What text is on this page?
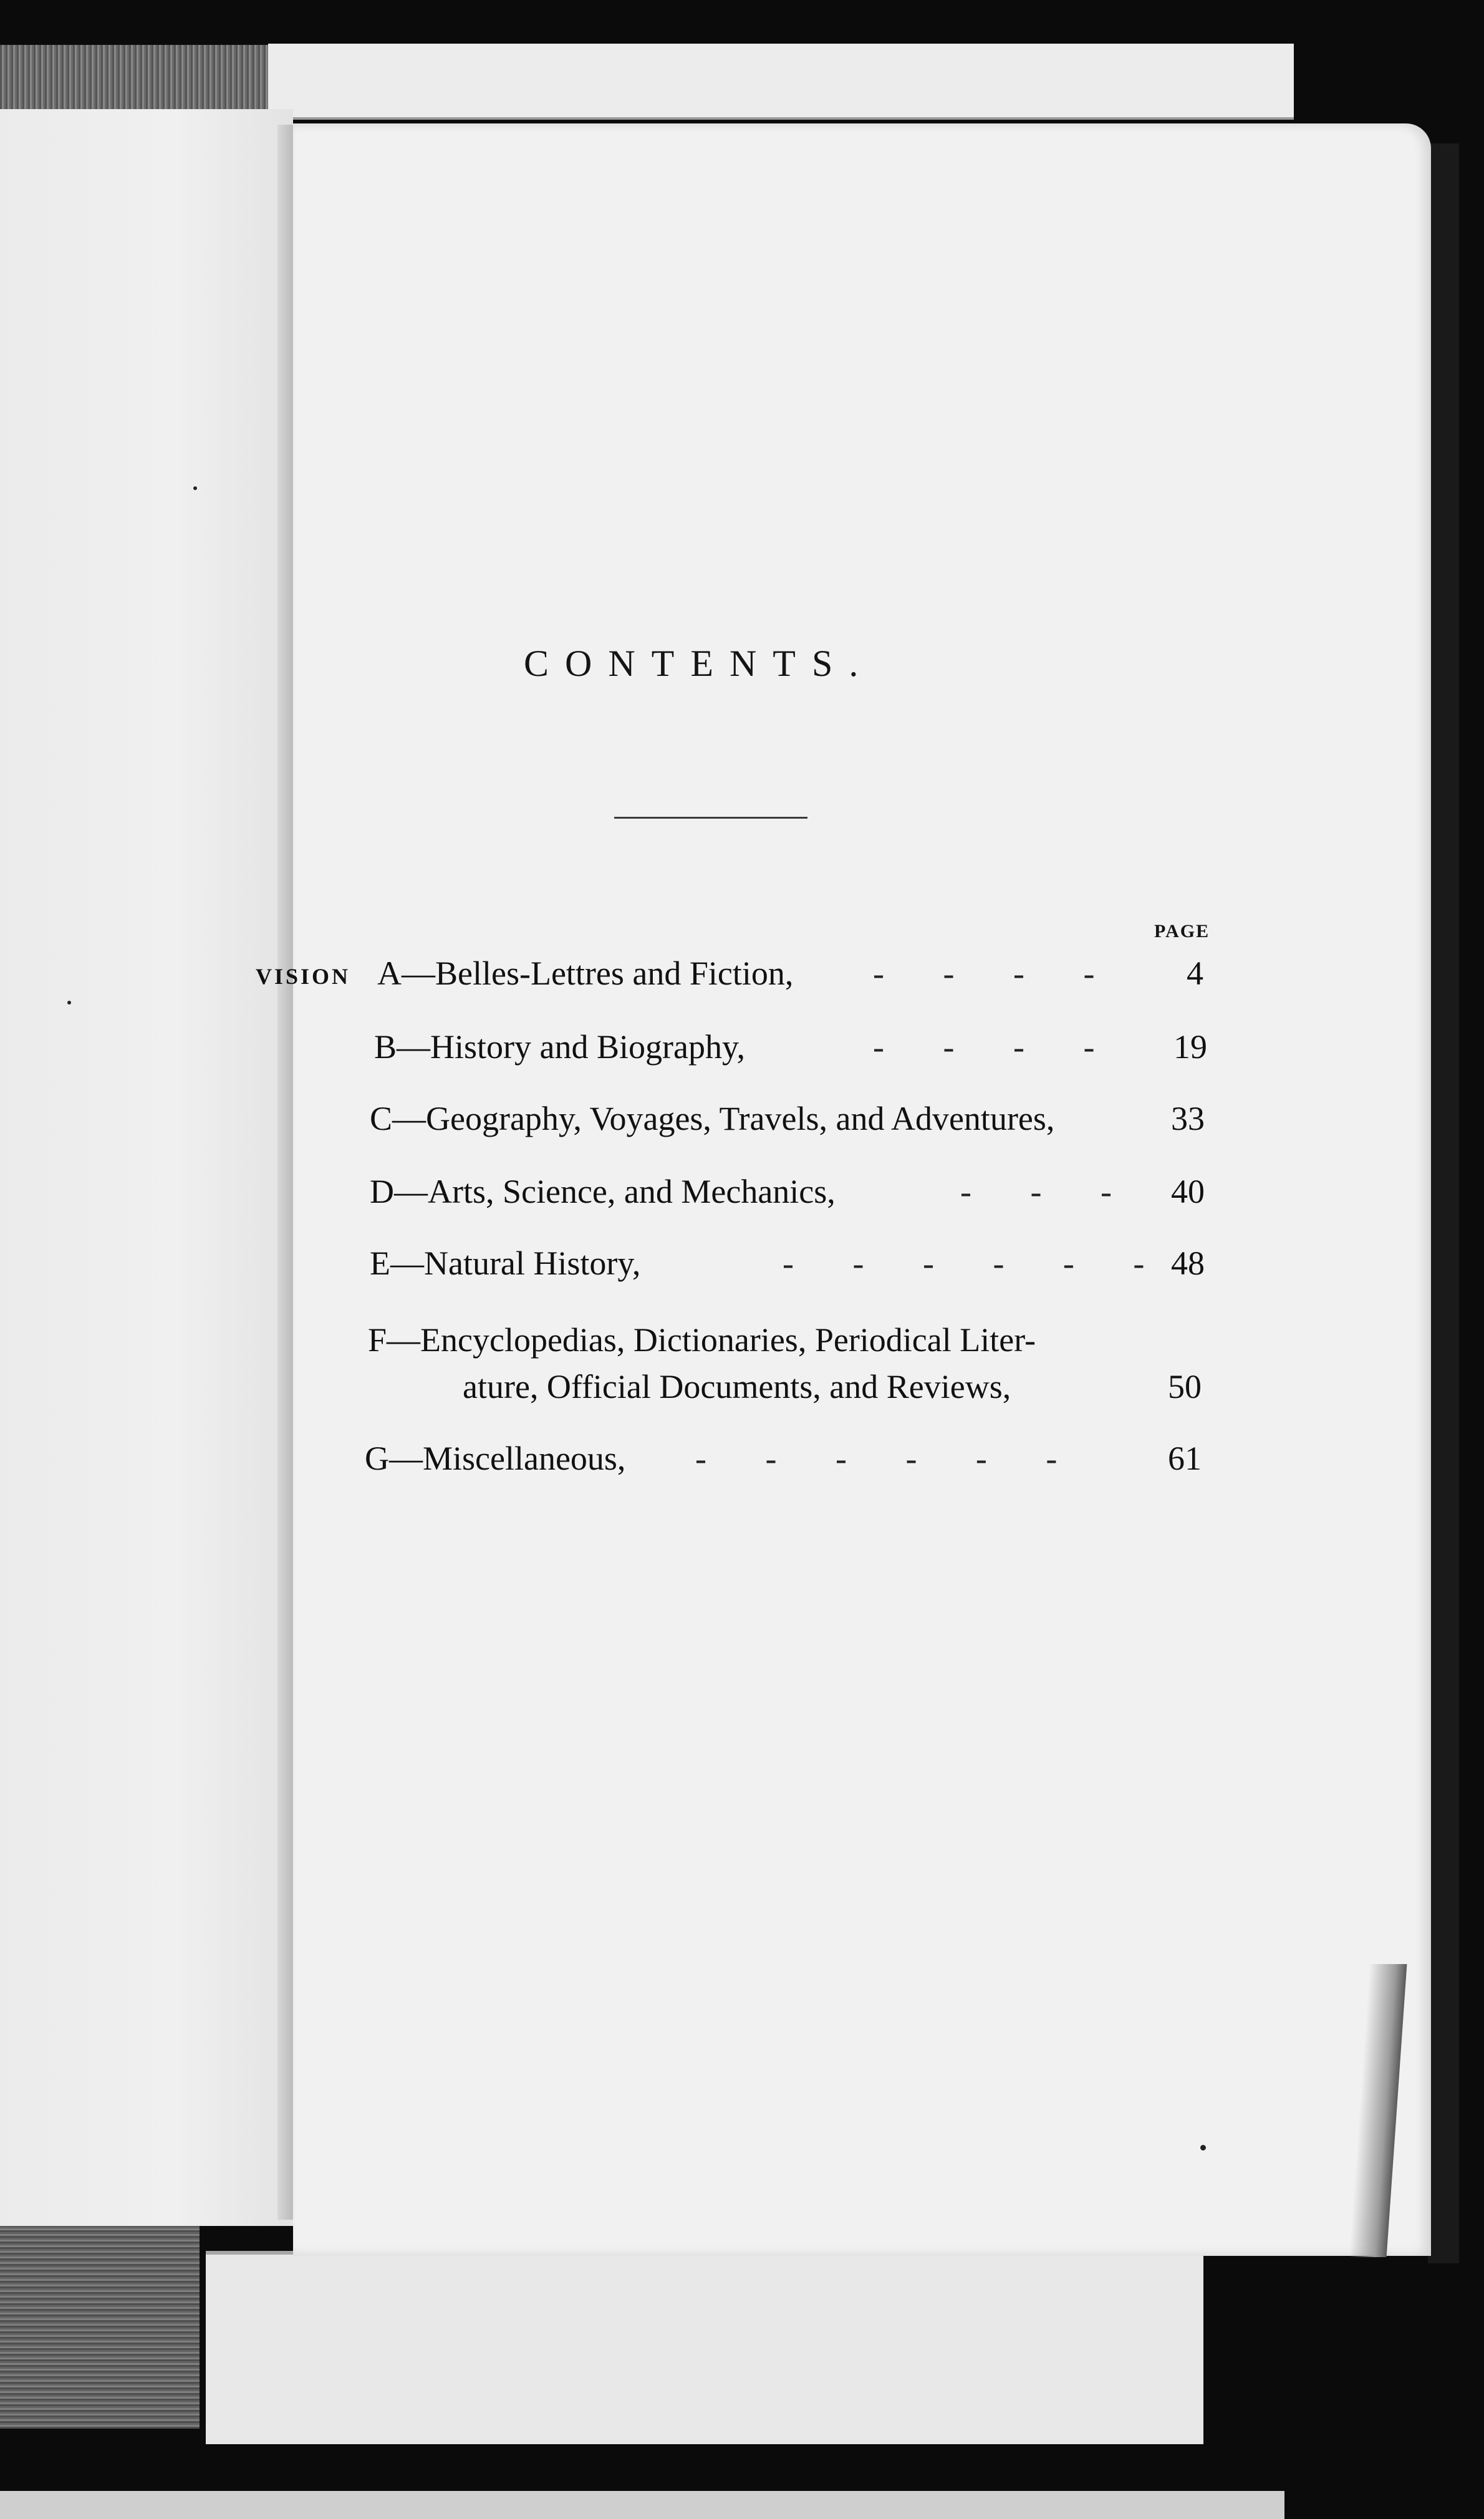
CONTENTS.
PAGE
VISION A—Belles-Lettres and Fiction, -       -       -       -	4
B—History and Biography,	-       -       -       - 19
C—Geography, Voyages, Travels, and Adventures,	33
D—Arts, Science, and Mechanics,	-       -       - 40
E—Natural History,	-       -       -       -       -       - 48
F—Encyclopedias, Dictionaries, Periodical Liter-
ature, Official Documents, and Reviews,	50
G—Miscellaneous, -       -       -       -       -       -	61
